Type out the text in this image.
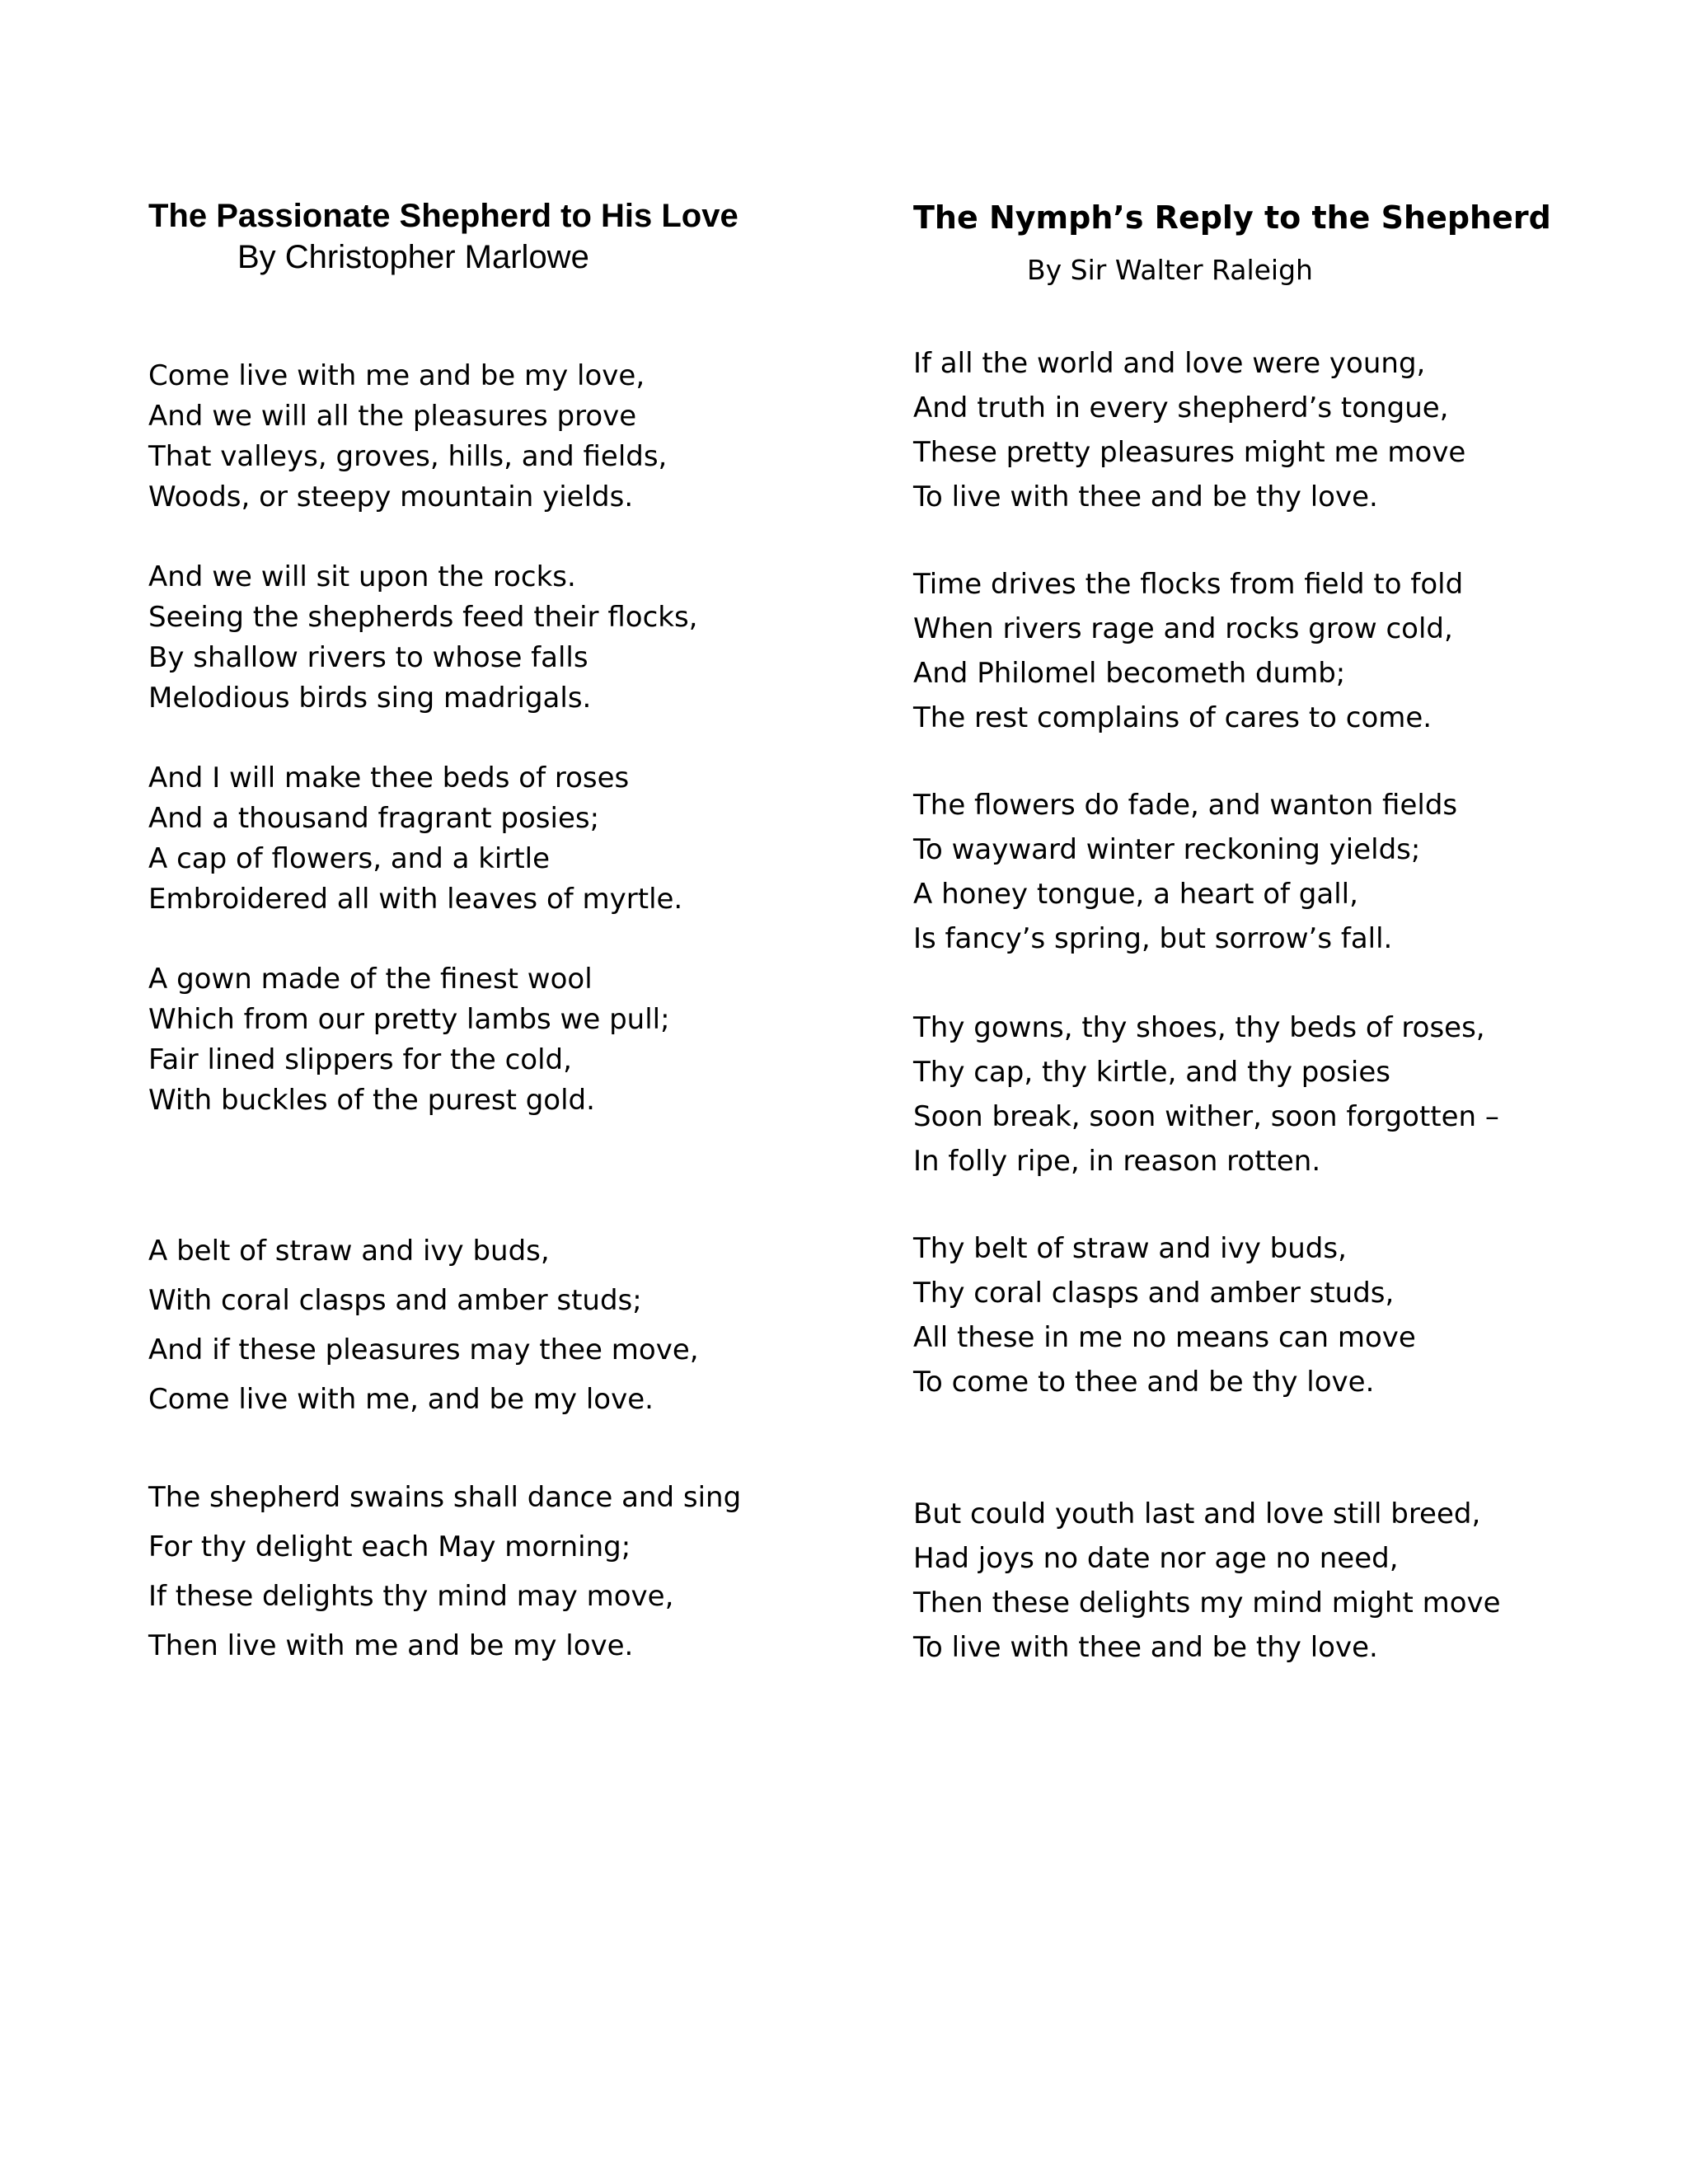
The Passionate Shepherd to His Love
By Christopher Marlowe
Come live with me and be my love,
And we will all the pleasures prove
That valleys, groves, hills, and fields,
Woods, or steepy mountain yields.
And we will sit upon the rocks.
Seeing the shepherds feed their flocks,
By shallow rivers to whose falls
Melodious birds sing madrigals.
And I will make thee beds of roses
And a thousand fragrant posies;
A cap of flowers, and a kirtle
Embroidered all with leaves of myrtle.
A gown made of the finest wool
Which from our pretty lambs we pull;
Fair lined slippers for the cold,
With buckles of the purest gold.
A belt of straw and ivy buds,
With coral clasps and amber studs;
And if these pleasures may thee move,
Come live with me, and be my love.
The shepherd swains shall dance and sing
For thy delight each May morning;
If these delights thy mind may move,
Then live with me and be my love.
The Nymph’s Reply to the Shepherd
By Sir Walter Raleigh
If all the world and love were young,
And truth in every shepherd’s tongue,
These pretty pleasures might me move
To live with thee and be thy love.
Time drives the flocks from field to fold
When rivers rage and rocks grow cold,
And Philomel becometh dumb;
The rest complains of cares to come.
The flowers do fade, and wanton fields
To wayward winter reckoning yields;
A honey tongue, a heart of gall,
Is fancy’s spring, but sorrow’s fall.
Thy gowns, thy shoes, thy beds of roses,
Thy cap, thy kirtle, and thy posies
Soon break, soon wither, soon forgotten –
In folly ripe, in reason rotten.
Thy belt of straw and ivy buds,
Thy coral clasps and amber studs,
All these in me no means can move
To come to thee and be thy love.
But could youth last and love still breed,
Had joys no date nor age no need,
Then these delights my mind might move
To live with thee and be thy love.
